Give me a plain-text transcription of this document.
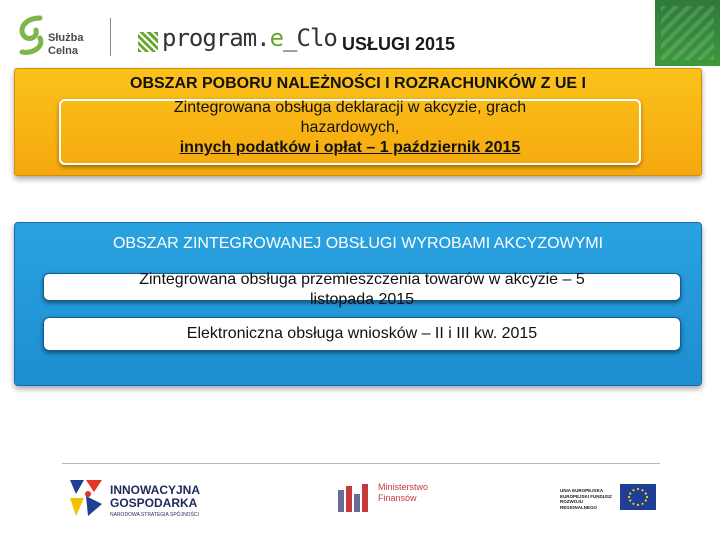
Służba
Celna	program.e_Clo USŁUGI 2015
OBSZAR POBORU NALEŻNOŚCI I ROZRACHUNKÓW Z UE I
Zintegrowana obsługa deklaracji w akcyzie, grach
hazardowych,
innych podatków i opłat – 1 październik 2015
OBSZAR ZINTEGROWANEJ OBSŁUGI WYROBAMI AKCYZOWYMI
Zintegrowana obsługa przemieszczenia towarów w akcyzie – 5
listopada 2015
Elektroniczna obsługa wniosków – II i III kw. 2015
INNOWACYJNA
GOSPODARKA
NARODOWA STRATEGIA SPÓJNOŚCI
Ministerstwo
Finansów
UNIA EUROPEJSKA
EUROPEJSKI FUNDUSZ
ROZWOJU REGIONALNEGO
